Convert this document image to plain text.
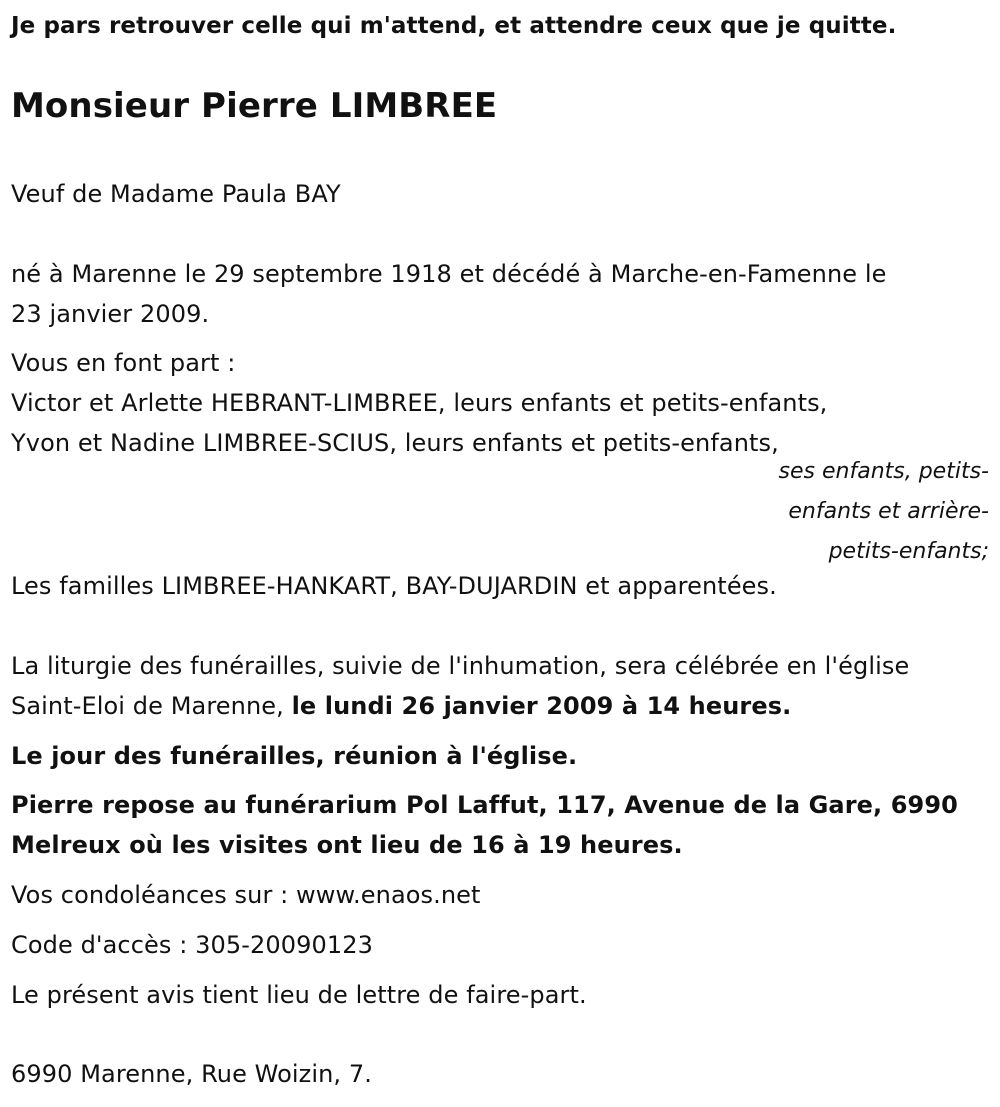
Je pars retrouver celle qui m'attend, et attendre ceux que je quitte.
Monsieur Pierre LIMBREE
Veuf de Madame Paula BAY
né à Marenne le 29 septembre 1918 et décédé à Marche-en-Famenne le
23 janvier 2009.
Vous en font part :
Victor et Arlette HEBRANT-LIMBREE, leurs enfants et petits-enfants,
Yvon et Nadine LIMBREE-SCIUS, leurs enfants et petits-enfants,
ses enfants, petits-
enfants et arrière-
petits-enfants;
Les familles LIMBREE-HANKART, BAY-DUJARDIN et apparentées.
La liturgie des funérailles, suivie de l'inhumation, sera célébrée en l'église
Saint-Eloi de Marenne, le lundi 26 janvier 2009 à 14 heures.
Le jour des funérailles, réunion à l'église.
Pierre repose au funérarium Pol Laffut, 117, Avenue de la Gare, 6990
Melreux où les visites ont lieu de 16 à 19 heures.
Vos condoléances sur : www.enaos.net
Code d'accès : 305-20090123
Le présent avis tient lieu de lettre de faire-part.
6990 Marenne, Rue Woizin, 7.
